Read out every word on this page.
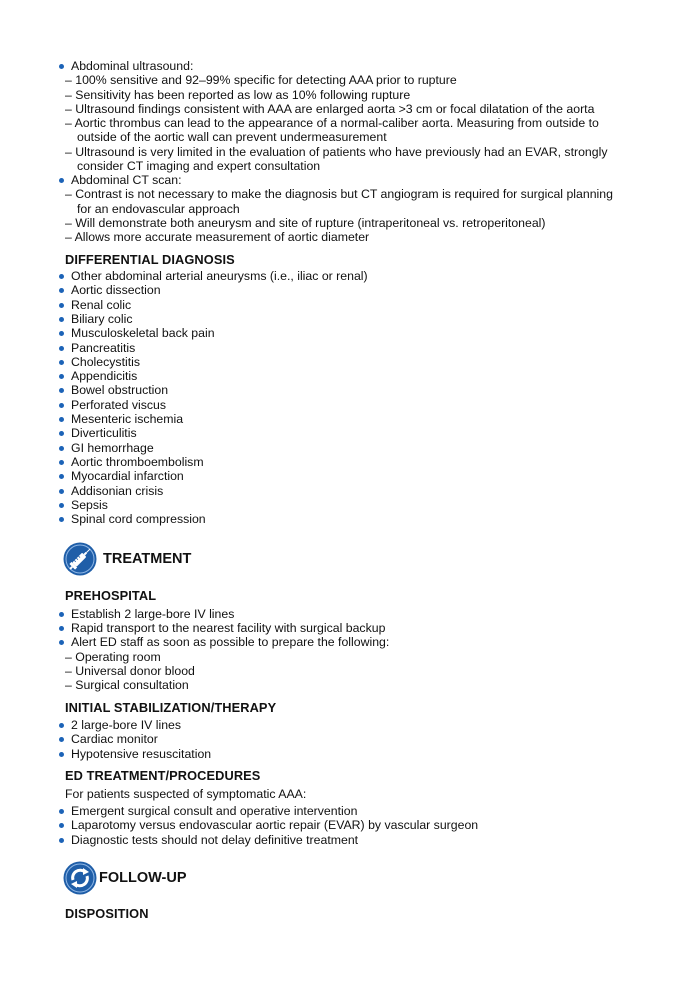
Abdominal ultrasound:
– 100% sensitive and 92–99% specific for detecting AAA prior to rupture
– Sensitivity has been reported as low as 10% following rupture
– Ultrasound findings consistent with AAA are enlarged aorta >3 cm or focal dilatation of the aorta
– Aortic thrombus can lead to the appearance of a normal-caliber aorta. Measuring from outside to
outside of the aortic wall can prevent undermeasurement
– Ultrasound is very limited in the evaluation of patients who have previously had an EVAR, strongly
consider CT imaging and expert consultation
Abdominal CT scan:
– Contrast is not necessary to make the diagnosis but CT angiogram is required for surgical planning
for an endovascular approach
– Will demonstrate both aneurysm and site of rupture (intraperitoneal vs. retroperitoneal)
– Allows more accurate measurement of aortic diameter
DIFFERENTIAL DIAGNOSIS
Other abdominal arterial aneurysms (i.e., iliac or renal)
Aortic dissection
Renal colic
Biliary colic
Musculoskeletal back pain
Pancreatitis
Cholecystitis
Appendicitis
Bowel obstruction
Perforated viscus
Mesenteric ischemia
Diverticulitis
GI hemorrhage
Aortic thromboembolism
Myocardial infarction
Addisonian crisis
Sepsis
Spinal cord compression
TREATMENT
PREHOSPITAL
Establish 2 large-bore IV lines
Rapid transport to the nearest facility with surgical backup
Alert ED staff as soon as possible to prepare the following:
– Operating room
– Universal donor blood
– Surgical consultation
INITIAL STABILIZATION/THERAPY
2 large-bore IV lines
Cardiac monitor
Hypotensive resuscitation
ED TREATMENT/PROCEDURES
For patients suspected of symptomatic AAA:
Emergent surgical consult and operative intervention
Laparotomy versus endovascular aortic repair (EVAR) by vascular surgeon
Diagnostic tests should not delay definitive treatment
FOLLOW-UP
DISPOSITION
